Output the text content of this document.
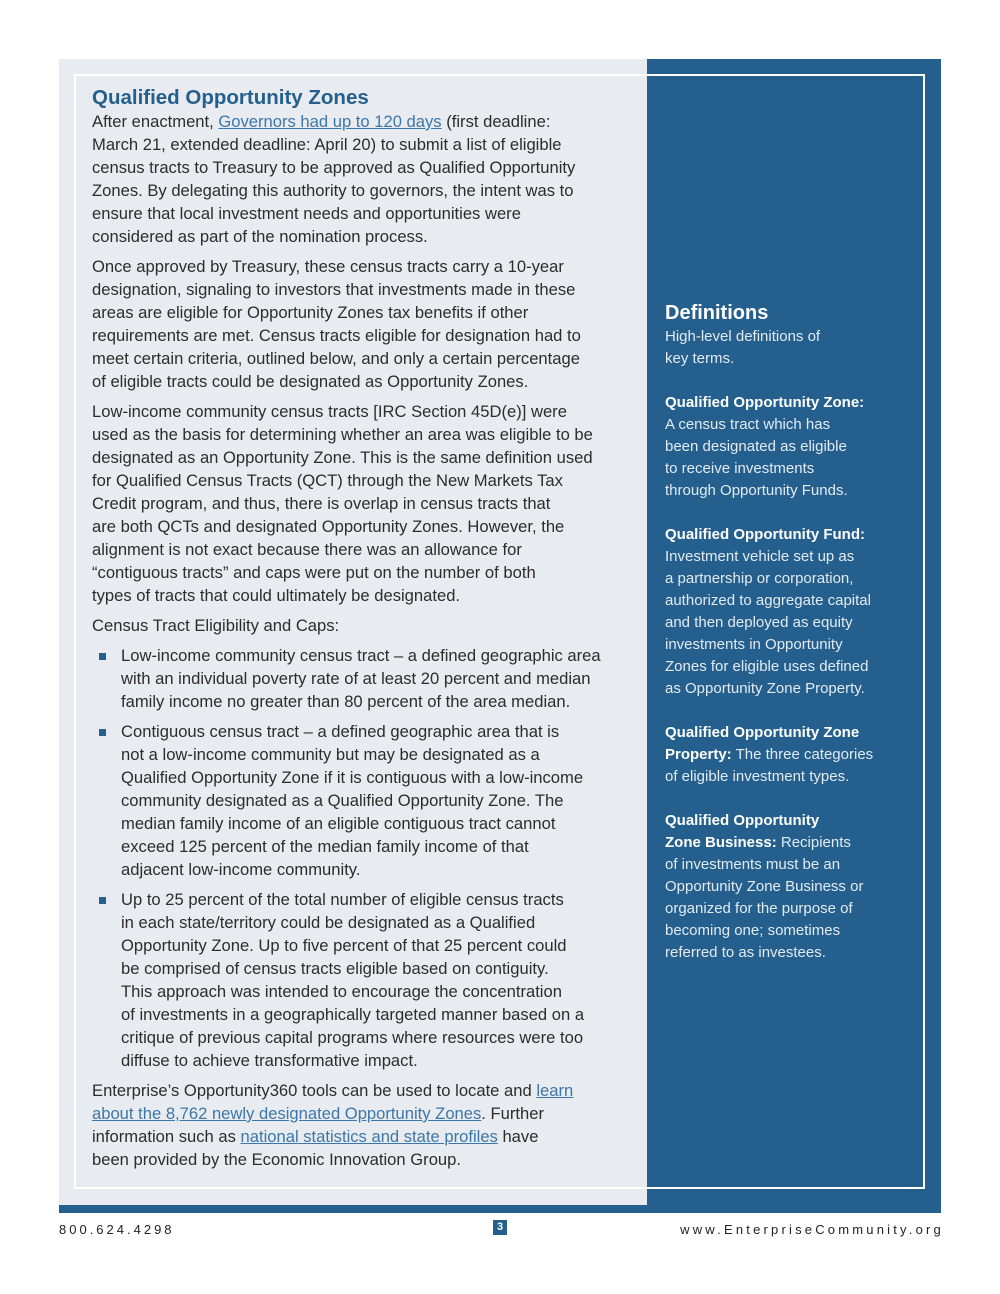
Qualified Opportunity Zones

After enactment, Governors had up to 120 days (first deadline:
March 21, extended deadline: April 20) to submit a list of eligible
census tracts to Treasury to be approved as Qualified Opportunity
Zones. By delegating this authority to governors, the intent was to
ensure that local investment needs and opportunities were
considered as part of the nomination process.

Once approved by Treasury, these census tracts carry a 10-year
designation, signaling to investors that investments made in these
areas are eligible for Opportunity Zones tax benefits if other
requirements are met. Census tracts eligible for designation had to
meet certain criteria, outlined below, and only a certain percentage
of eligible tracts could be designated as Opportunity Zones.

Low-income community census tracts [IRC Section 45D(e)] were
used as the basis for determining whether an area was eligible to be
designated as an Opportunity Zone. This is the same definition used
for Qualified Census Tracts (QCT) through the New Markets Tax
Credit program, and thus, there is overlap in census tracts that
are both QCTs and designated Opportunity Zones. However, the
alignment is not exact because there was an allowance for
“contiguous tracts” and caps were put on the number of both
types of tracts that could ultimately be designated.

Census Tract Eligibility and Caps:

Low-income community census tract – a defined geographic area
with an individual poverty rate of at least 20 percent and median
family income no greater than 80 percent of the area median.
Contiguous census tract – a defined geographic area that is
not a low-income community but may be designated as a
Qualified Opportunity Zone if it is contiguous with a low-income
community designated as a Qualified Opportunity Zone. The
median family income of an eligible contiguous tract cannot
exceed 125 percent of the median family income of that
adjacent low-income community.
Up to 25 percent of the total number of eligible census tracts
in each state/territory could be designated as a Qualified
Opportunity Zone. Up to five percent of that 25 percent could
be comprised of census tracts eligible based on contiguity.
This approach was intended to encourage the concentration
of investments in a geographically targeted manner based on a
critique of previous capital programs where resources were too
diffuse to achieve transformative impact.

Enterprise’s Opportunity360 tools can be used to locate and learn
about the 8,762 newly designated Opportunity Zones. Further
information such as national statistics and state profiles have
been provided by the Economic Innovation Group.

Definitions
High-level definitions of
key terms.
Qualified Opportunity Zone:
A census tract which has
been designated as eligible
to receive investments
through Opportunity Funds.
Qualified Opportunity Fund:
Investment vehicle set up as
a partnership or corporation,
authorized to aggregate capital
and then deployed as equity
investments in Opportunity
Zones for eligible uses defined
as Opportunity Zone Property.
Qualified Opportunity Zone
Property: The three categories
of eligible investment types.
Qualified Opportunity
Zone Business: Recipients
of investments must be an
Opportunity Zone Business or
organized for the purpose of
becoming one; sometimes
referred to as investees.
800.624.4298	3	www.EnterpriseCommunity.org
